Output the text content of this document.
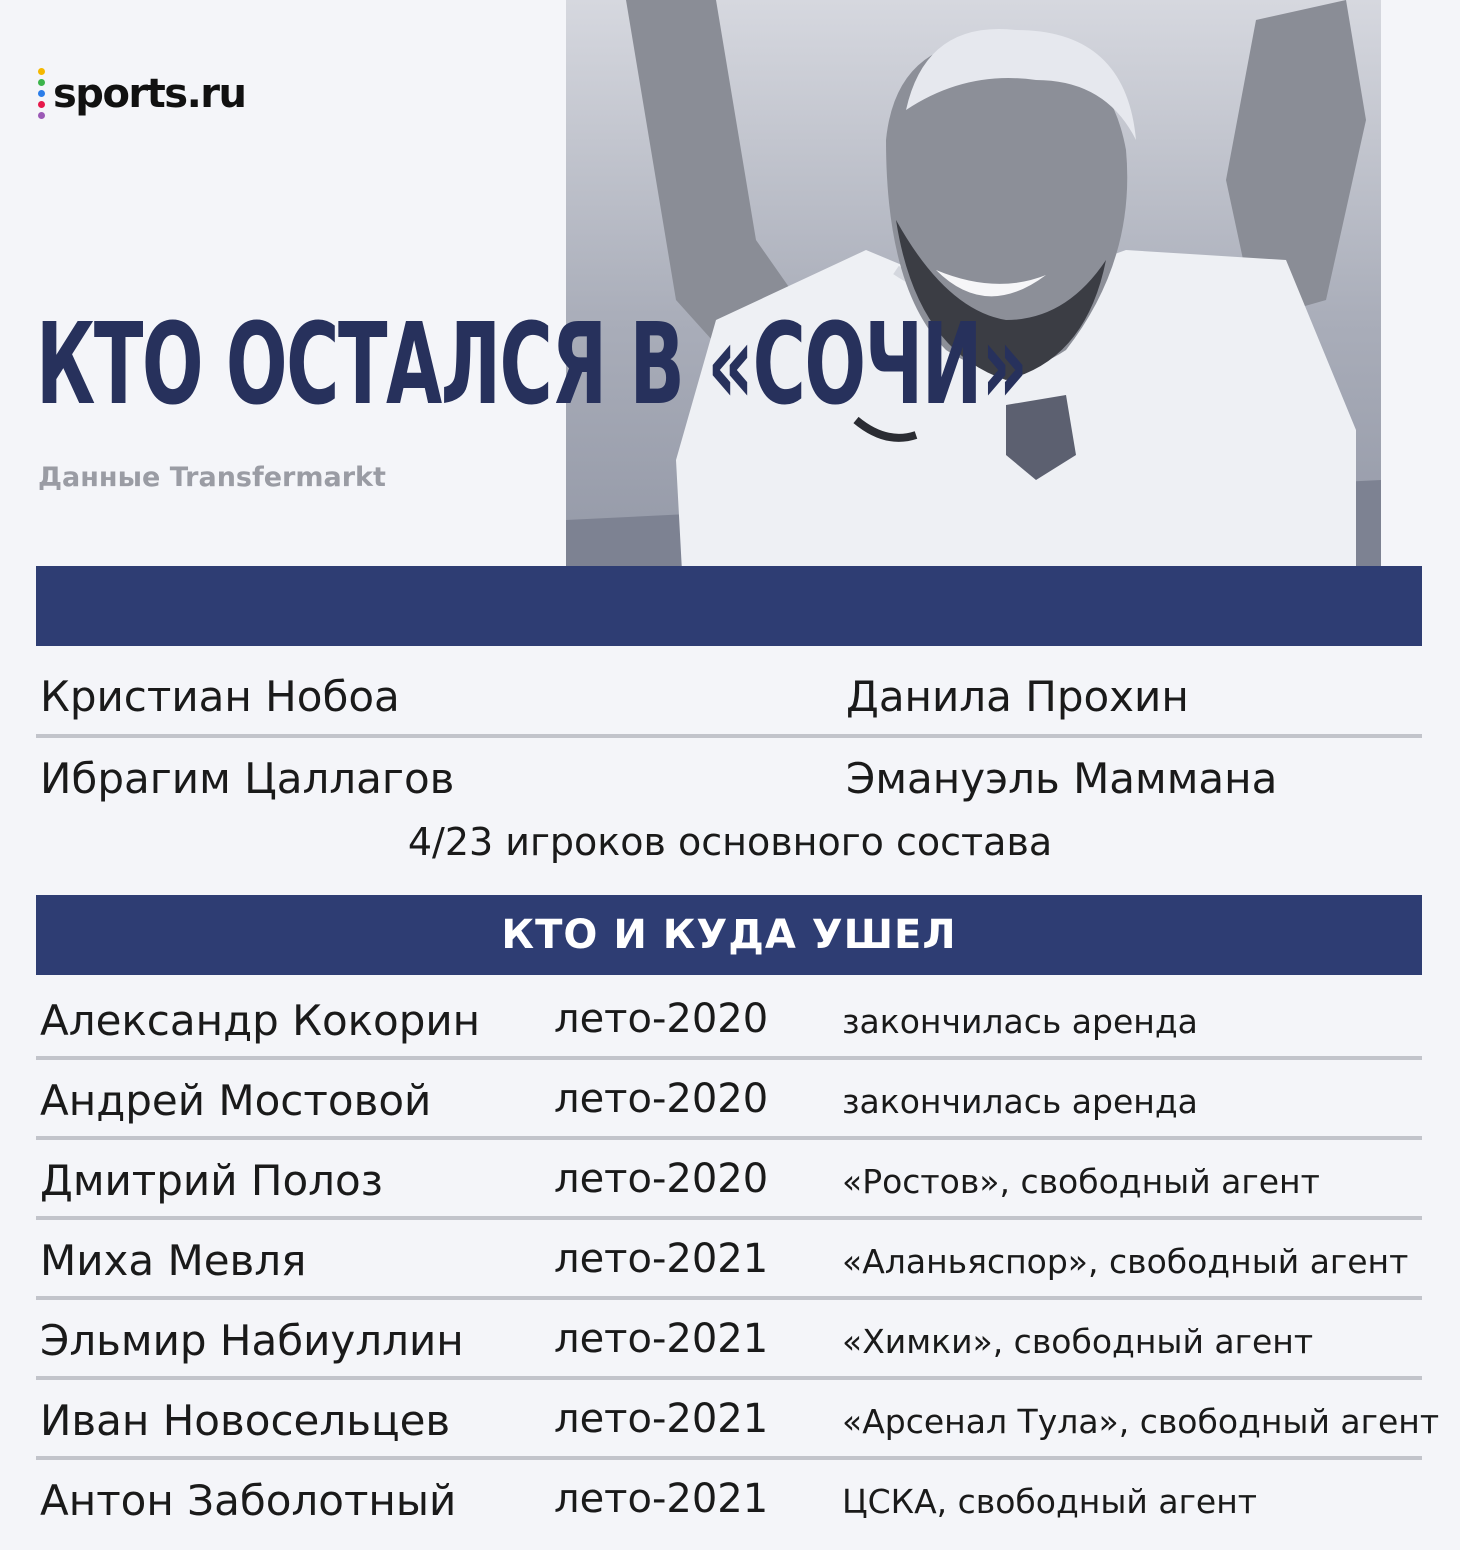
sports.ru
КТО ОСТАЛСЯ В «СОЧИ»
Данные Transfermarkt
Кристиан Нобоа	Данила Прохин
Ибрагим Цаллагов	Эмануэль Маммана
4/23 игроков основного состава
КТО И КУДА УШЕЛ
Александр Кокорин лето-2020 закончилась аренда
Андрей Мостовой	лето-2020 закончилась аренда
Дмитрий Полоз	лето-2020 «Ростов», свободный агент
Миха Мевля	лето-2021 «Аланьяспор», свободный агент
Эльмир Набиуллин лето-2021 «Химки», свободный агент
Иван Новосельцев	лето-2021 «Арсенал Тула», свободный агент
Антон Заболотный лето-2021 ЦСКА, свободный агент
